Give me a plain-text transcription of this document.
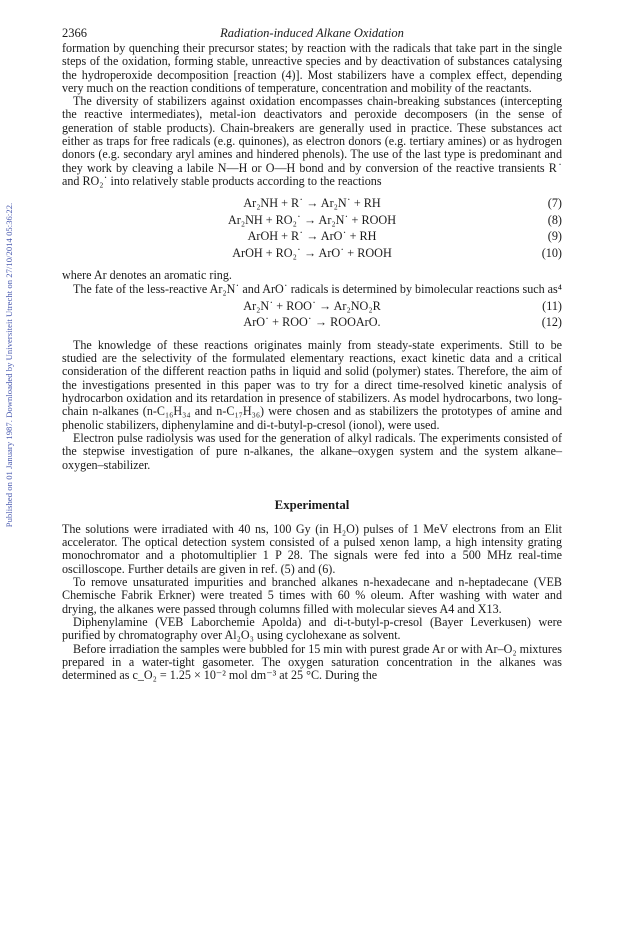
Published on 01 January 1987. Downloaded by Universiteit Utrecht on 27/10/2014 05:36:22.
2366	Radiation-induced Alkane Oxidation

formation by quenching their precursor states; by reaction with the radicals that take part in the single steps of the oxidation, forming stable, unreactive species and by deactivation of substances catalysing the hydroperoxide decomposition [reaction (4)]. Most stabilizers have a complex effect, depending very much on the reaction conditions of temperature, concentration and mobility of the reactants.

The diversity of stabilizers against oxidation encompasses chain-breaking substances (intercepting the reactive intermediates), metal-ion deactivators and peroxide decomposers (in the sense of generation of stable products). Chain-breakers are generally used in practice. These substances act either as traps for free radicals (e.g. quinones), as electron donors (e.g. tertiary amines) or as hydrogen donors (e.g. secondary aryl amines and hindered phenols). The use of the last type is predominant and they work by cleaving a labile N—H or O—H bond and by conversion of the reactive transients R˙ and RO₂˙ into relatively stable products according to the reactions

Ar₂NH + R˙ → Ar₂N˙ + RH	(7)
Ar₂NH + RO₂˙ → Ar₂N˙ + ROOH	(8)
ArOH + R˙ → ArO˙ + RH	(9)
ArOH + RO₂˙ → ArO˙ + ROOH	(10)

where Ar denotes an aromatic ring.

The fate of the less-reactive Ar₂N˙ and ArO˙ radicals is determined by bimolecular reactions such as⁴

Ar₂N˙ + ROO˙ → Ar₂NO₂R	(11)
ArO˙ + ROO˙ → ROOArO.	(12)

The knowledge of these reactions originates mainly from steady-state experiments. Still to be studied are the selectivity of the formulated elementary reactions, exact kinetic data and a critical consideration of the different reaction paths in liquid and solid (polymer) states. Therefore, the aim of the investigations presented in this paper was to try for a direct time-resolved kinetic analysis of hydrocarbon oxidation and its retardation in presence of stabilizers. As model hydrocarbons, two long-chain n-alkanes (n-C₁₆H₃₄ and n-C₁₇H₃₆) were chosen and as stabilizers the prototypes of amine and phenolic stabilizers, diphenylamine and di-t-butyl-p-cresol (ionol), were used.

Electron pulse radiolysis was used for the generation of alkyl radicals. The experiments consisted of the stepwise investigation of pure n-alkanes, the alkane–oxygen system and the system alkane–oxygen–stabilizer.

Experimental

The solutions were irradiated with 40 ns, 100 Gy (in H₂O) pulses of 1 MeV electrons from an Elit accelerator. The optical detection system consisted of a pulsed xenon lamp, a high intensity grating monochromator and a photomultiplier 1 P 28. The signals were fed into a 500 MHz real-time oscilloscope. Further details are given in ref. (5) and (6).

To remove unsaturated impurities and branched alkanes n-hexadecane and n-heptadecane (VEB Chemische Fabrik Erkner) were treated 5 times with 60 % oleum. After washing with water and drying, the alkanes were passed through columns filled with molecular sieves A4 and X13.

Diphenylamine (VEB Laborchemie Apolda) and di-t-butyl-p-cresol (Bayer Leverkusen) were purified by chromatography over Al₂O₃ using cyclohexane as solvent.

Before irradiation the samples were bubbled for 15 min with purest grade Ar or with Ar–O₂ mixtures prepared in a water-tight gasometer. The oxygen saturation concentration in the alkanes was determined as c_O₂ = 1.25 × 10⁻² mol dm⁻³ at 25 °C. During the
